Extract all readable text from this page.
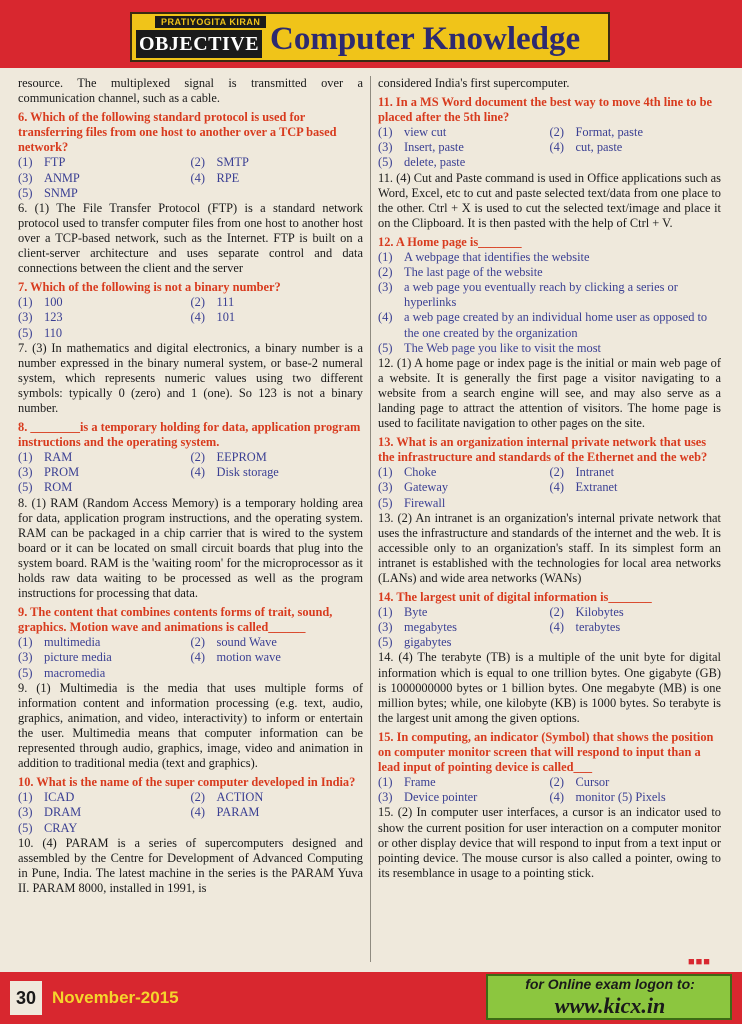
PRATIYOGITA KIRAN
OBJECTIVE Computer Knowledge
resource. The multiplexed signal is transmitted over a communication channel, such as a cable.
6. Which of the following standard protocol is used for transferring files from one host to another over a TCP based network?
(1) FTP	(2) SMTP
(3) ANMP	(4) RPE
(5) SNMP
6. (1) The File Transfer Protocol (FTP) is a standard network protocol used to transfer computer files from one host to another host over a TCP-based network, such as the Internet. FTP is built on a client-server architecture and uses separate control and data connections between the client and the server
7. Which of the following is not a binary number?
(1) 100	(2) 111
(3) 123	(4) 101
(5) 110
7. (3) In mathematics and digital electronics, a binary number is a number expressed in the binary numeral system, or base-2 numeral system, which represents numeric values using two different symbols: typically 0 (zero) and 1 (one). So 123 is not a binary number.
8. ________is a temporary holding for data, application program instructions and the operating system.
(1) RAM	(2) EEPROM
(3) PROM	(4) Disk storage
(5) ROM
8. (1) RAM (Random Access Memory) is a temporary holding area for data, application program instructions, and the operating system. RAM can be packaged in a chip carrier that is wired to the system board or it can be located on small circuit boards that plug into the system board. RAM is the 'waiting room' for the microprocessor as it holds raw data waiting to be processed as well as the program instructions for processing that data.
9. The content that combines contents forms of trait, sound, graphics. Motion wave and animations is called______
(1) multimedia	(2) sound Wave
(3) picture media	(4) motion wave
(5) macromedia
9. (1) Multimedia is the media that uses multiple forms of information content and information processing (e.g. text, audio, graphics, animation, and video, interactivity) to inform or entertain the user. Multimedia means that computer information can be represented through audio, graphics, image, video and animation in addition to traditional media (text and graphics).
10. What is the name of the super computer developed in India?
(1) ICAD	(2) ACTION
(3) DRAM	(4) PARAM
(5) CRAY
10. (4) PARAM is a series of supercomputers designed and assembled by the Centre for Development of Advanced Computing in Pune, India. The latest machine in the series is the PARAM Yuva II. PARAM 8000, installed in 1991, is
considered India's first supercomputer.
11. In a MS Word document the best way to move 4th line to be placed after the 5th line?
(1) view cut	(2) Format, paste
(3) Insert, paste	(4) cut, paste
(5) delete, paste
11. (4) Cut and Paste command is used in Office applications such as Word, Excel, etc to cut and paste selected text/data from one place to the other. Ctrl + X is used to cut the selected text/image and place it on the Clipboard. It is then pasted with the help of Ctrl + V.
12. A Home page is_______
(1) A webpage that identifies the website
(2) The last page of the website
(3) a web page you eventually reach by clicking a series or hyperlinks
(4) a web page created by an individual home user as opposed to the one created by the organization
(5) The Web page you like to visit the most
12. (1) A home page or index page is the initial or main web page of a website. It is generally the first page a visitor navigating to a website from a search engine will see, and may also serve as a landing page to attract the attention of visitors. The home page is used to facilitate navigation to other pages on the site.
13. What is an organization internal private network that uses the infrastructure and standards of the Ethernet and the web?
(1) Choke	(2) Intranet
(3) Gateway	(4) Extranet
(5) Firewall
13. (2) An intranet is an organization's internal private network that uses the infrastructure and standards of the internet and the web. It is accessible only to an organization's staff. In its simplest form an intranet is established with the technologies for local area networks (LANs) and wide area networks (WANs)
14. The largest unit of digital information is_______
(1) Byte	(2) Kilobytes
(3) megabytes	(4) terabytes
(5) gigabytes
14. (4) The terabyte (TB) is a multiple of the unit byte for digital information which is equal to one trillion bytes. One gigabyte (GB) is 1000000000 bytes or 1 billion bytes. One megabyte (MB) is one million bytes; while, one kilobyte (KB) is 1000 bytes. So terabyte is the largest unit among the given options.
15. In computing, an indicator (Symbol) that shows the position on computer monitor screen that will respond to input than a lead input of pointing device is called___
(1) Frame	(2) Cursor
(3) Device pointer	(4) monitor (5) Pixels
15. (2) In computer user interfaces, a cursor is an indicator used to show the current position for user interaction on a computer monitor or other display device that will respond to input from a text input or pointing device. The mouse cursor is also called a pointer, owing to its resemblance in usage to a pointing stick.
■■■
30 November-2015
for Online exam logon to:
www.kicx.in
